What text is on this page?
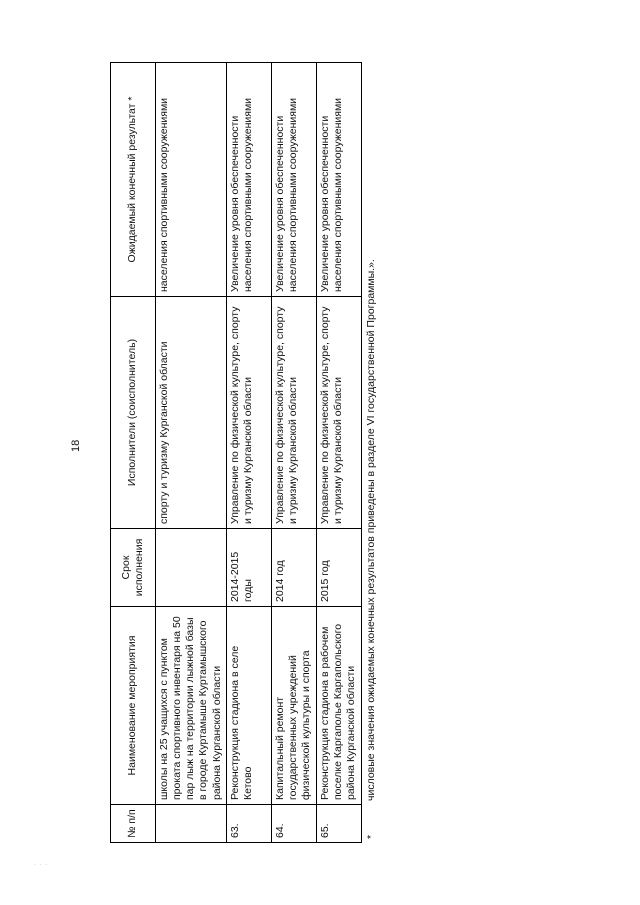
18
№ п/п	Наименование мероприятия	Срок исполнения	Исполнители (соисполнитель)	Ожидаемый конечный результат *
	школы на 25 учащихся с пунктом проката спортивного инвентаря на 50 пар лыж на территории лыжной базы в городе Куртамыше Куртамышского района Курганской области		спорту и туризму Курганской области	населения спортивными сооружениями
63.	Реконструкция стадиона в селе Кетово	2014-2015 годы	Управление по физической культуре, спорту и туризму Курганской области	Увеличение уровня обеспеченности населения спортивными сооружениями
64.	Капитальный ремонт государственных учреждений физической культуры и спорта	2014 год	Управление по физической культуре, спорту и туризму Курганской области	Увеличение уровня обеспеченности населения спортивными сооружениями
65.	Реконструкция стадиона в рабочем поселке Каргаполье Каргапольского района Курганской области	2015 год	Управление по физической культуре, спорту и туризму Курганской области	Увеличение уровня обеспеченности населения спортивными сооружениями
*
числовые значения ожидаемых конечных результатов приведены в разделе VI государственной Программы.».
· · ·
